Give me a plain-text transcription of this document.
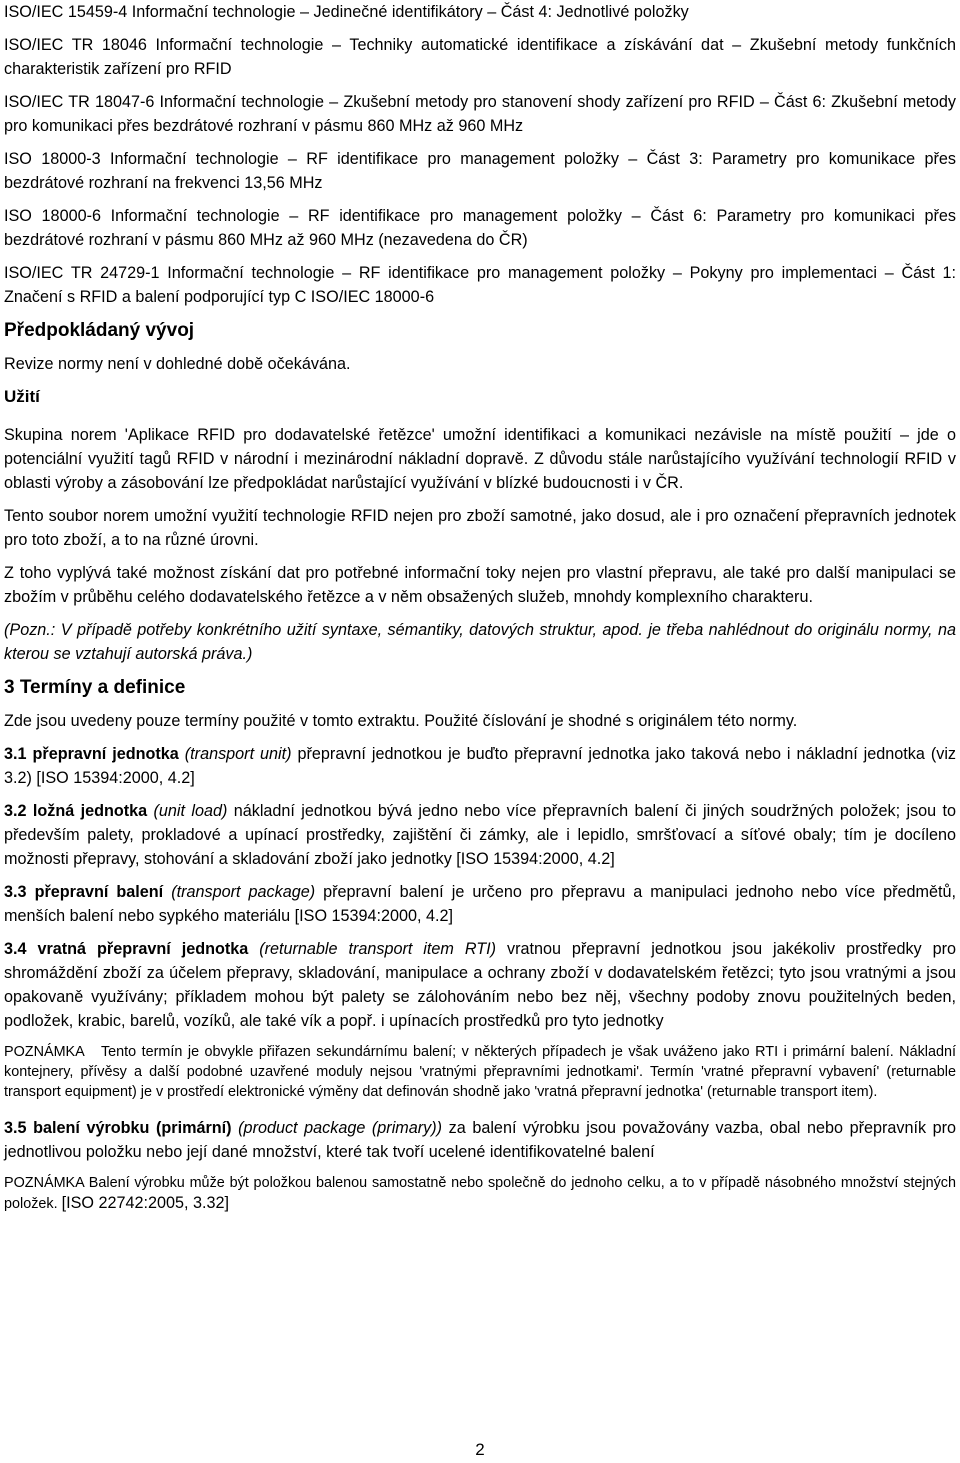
ISO/IEC 15459-4 Informační technologie – Jedinečné identifikátory – Část 4: Jednotlivé položky

ISO/IEC TR 18046 Informační technologie – Techniky automatické identifikace a získávání dat – Zkušební metody funkčních charakteristik zařízení pro RFID

ISO/IEC TR 18047-6 Informační technologie – Zkušební metody pro stanovení shody zařízení pro RFID – Část 6: Zkušební metody pro komunikaci přes bezdrátové rozhraní v pásmu 860 MHz až 960 MHz

ISO 18000-3 Informační technologie – RF identifikace pro management položky – Část 3: Parametry pro komunikace přes bezdrátové rozhraní na frekvenci 13,56 MHz

ISO 18000-6 Informační technologie – RF identifikace pro management položky – Část 6: Parametry pro komunikaci přes bezdrátové rozhraní v pásmu 860 MHz až 960 MHz (nezavedena do ČR)

ISO/IEC TR 24729-1 Informační technologie – RF identifikace pro management položky – Pokyny pro implementaci – Část 1: Značení s RFID a balení podporující typ C ISO/IEC 18000-6

Předpokládaný vývoj

Revize normy není v dohledné době očekávána.

Užití

Skupina norem 'Aplikace RFID pro dodavatelské řetězce' umožní identifikaci a komunikaci nezávisle na místě použití – jde o potenciální využití tagů RFID v národní i mezinárodní nákladní dopravě. Z důvodu stále narůstajícího využívání technologií RFID v oblasti výroby a zásobování lze předpokládat narůstající využívání v blízké budoucnosti i v ČR.

Tento soubor norem umožní využití technologie RFID nejen pro zboží samotné, jako dosud, ale i pro označení přepravních jednotek pro toto zboží, a to na různé úrovni.

Z toho vyplývá také možnost získání dat pro potřebné informační toky nejen pro vlastní přepravu, ale také pro další manipulaci se zbožím v průběhu celého dodavatelského řetězce a v něm obsažených služeb, mnohdy komplexního charakteru.

(Pozn.: V případě potřeby konkrétního užití syntaxe, sémantiky, datových struktur, apod. je třeba nahlédnout do originálu normy, na kterou se vztahují autorská práva.)

3 Termíny a definice

Zde jsou uvedeny pouze termíny použité v tomto extraktu. Použité číslování je shodné s originálem této normy.

3.1 přepravní jednotka (transport unit) přepravní jednotkou je buďto přepravní jednotka jako taková nebo i nákladní jednotka (viz 3.2) [ISO 15394:2000, 4.2]

3.2 ložná jednotka (unit load) nákladní jednotkou bývá jedno nebo více přepravních balení či jiných soudržných položek; jsou to především palety, prokladové a upínací prostředky, zajištění či zámky, ale i lepidlo, smršťovací a síťové obaly; tím je docíleno možnosti přepravy, stohování a skladování zboží jako jednotky [ISO 15394:2000, 4.2]

3.3 přepravní balení (transport package) přepravní balení je určeno pro přepravu a manipulaci jednoho nebo více předmětů, menších balení nebo sypkého materiálu [ISO 15394:2000, 4.2]

3.4 vratná přepravní jednotka (returnable transport item RTI) vratnou přepravní jednotkou jsou jakékoliv prostředky pro shromáždění zboží za účelem přepravy, skladování, manipulace a ochrany zboží v dodavatelském řetězci; tyto jsou vratnými a jsou opakovaně využívány; příkladem mohou být palety se zálohováním nebo bez něj, všechny podoby znovu použitelných beden, podložek, krabic, barelů, vozíků, ale také vík a popř. i upínacích prostředků pro tyto jednotky

POZNÁMKA Tento termín je obvykle přiřazen sekundárnímu balení; v některých případech je však uváženo jako RTI i primární balení. Nákladní kontejnery, přívěsy a další podobné uzavřené moduly nejsou 'vratnými přepravními jednotkami'. Termín 'vratné přepravní vybavení' (returnable transport equipment) je v prostředí elektronické výměny dat definován shodně jako 'vratná přepravní jednotka' (returnable transport item).

3.5 balení výrobku (primární) (product package (primary)) za balení výrobku jsou považovány vazba, obal nebo přepravník pro jednotlivou položku nebo její dané množství, které tak tvoří ucelené identifikovatelné balení

POZNÁMKA Balení výrobku může být položkou balenou samostatně nebo společně do jednoho celku, a to v případě násobného množství stejných položek. [ISO 22742:2005, 3.32]

2
